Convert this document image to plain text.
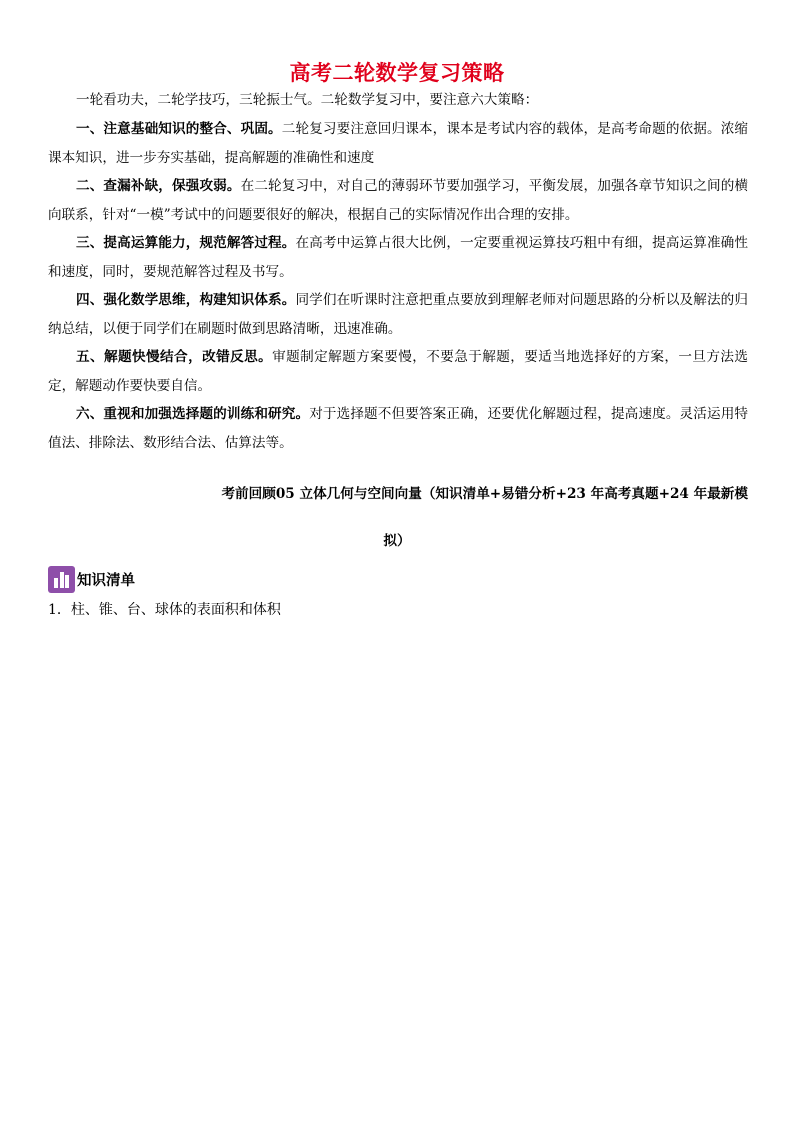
高考二轮数学复习策略
一轮看功夫，二轮学技巧，三轮振士气。二轮数学复习中，要注意六大策略：
一、注意基础知识的整合、巩固。二轮复习要注意回归课本，课本是考试内容的载体，是高考命题的依据。浓缩课本知识，进一步夯实基础，提高解题的准确性和速度
二、查漏补缺，保强攻弱。在二轮复习中，对自己的薄弱环节要加强学习，平衡发展，加强各章节知识之间的横向联系，针对“一模”考试中的问题要很好的解决，根据自己的实际情况作出合理的安排。
三、提高运算能力，规范解答过程。在高考中运算占很大比例，一定要重视运算技巧粗中有细，提高运算准确性和速度，同时，要规范解答过程及书写。
四、强化数学思维，构建知识体系。同学们在听课时注意把重点要放到理解老师对问题思路的分析以及解法的归纳总结，以便于同学们在刷题时做到思路清晰，迅速准确。
五、解题快慢结合，改错反思。审题制定解题方案要慢，不要急于解题，要适当地选择好的方案，一旦方法选定，解题动作要快要自信。
六、重视和加强选择题的训练和研究。对于选择题不但要答案正确，还要优化解题过程，提高速度。灵活运用特值法、排除法、数形结合法、估算法等。
考前回顾05 立体几何与空间向量（知识清单+易错分析+23 年高考真题+24 年最新模
拟）
知识清单
1．柱、锥、台、球体的表面积和体积
